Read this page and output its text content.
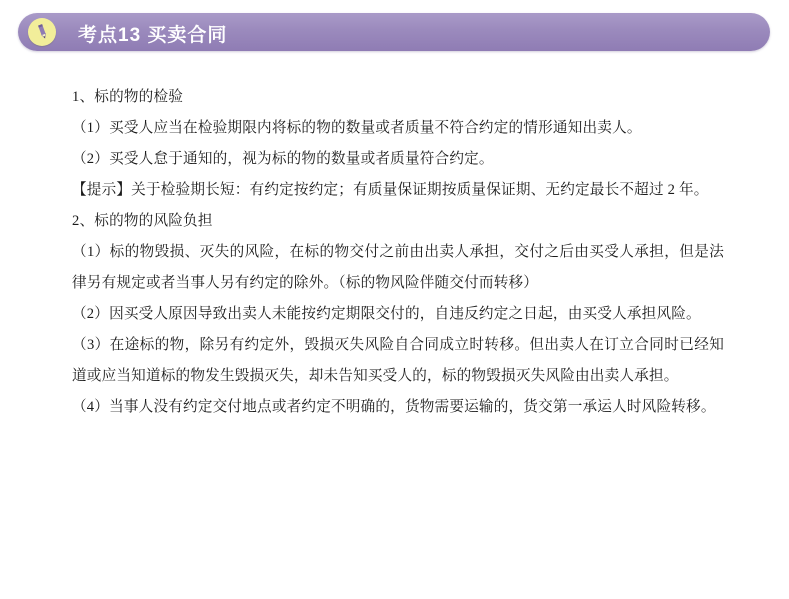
考点13 买卖合同

1、标的物的检验

（1）买受人应当在检验期限内将标的物的数量或者质量不符合约定的情形通知出卖人。

（2）买受人怠于通知的，视为标的物的数量或者质量符合约定。

【提示】关于检验期长短：有约定按约定；有质量保证期按质量保证期、无约定最长不超过 2 年。

2、标的物的风险负担

（1）标的物毁损、灭失的风险，在标的物交付之前由出卖人承担，交付之后由买受人承担，但是法律另有规定或者当事人另有约定的除外。（标的物风险伴随交付而转移）

（2）因买受人原因导致出卖人未能按约定期限交付的，自违反约定之日起，由买受人承担风险。

（3）在途标的物，除另有约定外，毁损灭失风险自合同成立时转移。但出卖人在订立合同时已经知道或应当知道标的物发生毁损灭失，却未告知买受人的，标的物毁损灭失风险由出卖人承担。

（4）当事人没有约定交付地点或者约定不明确的，货物需要运输的，货交第一承运人时风险转移。
